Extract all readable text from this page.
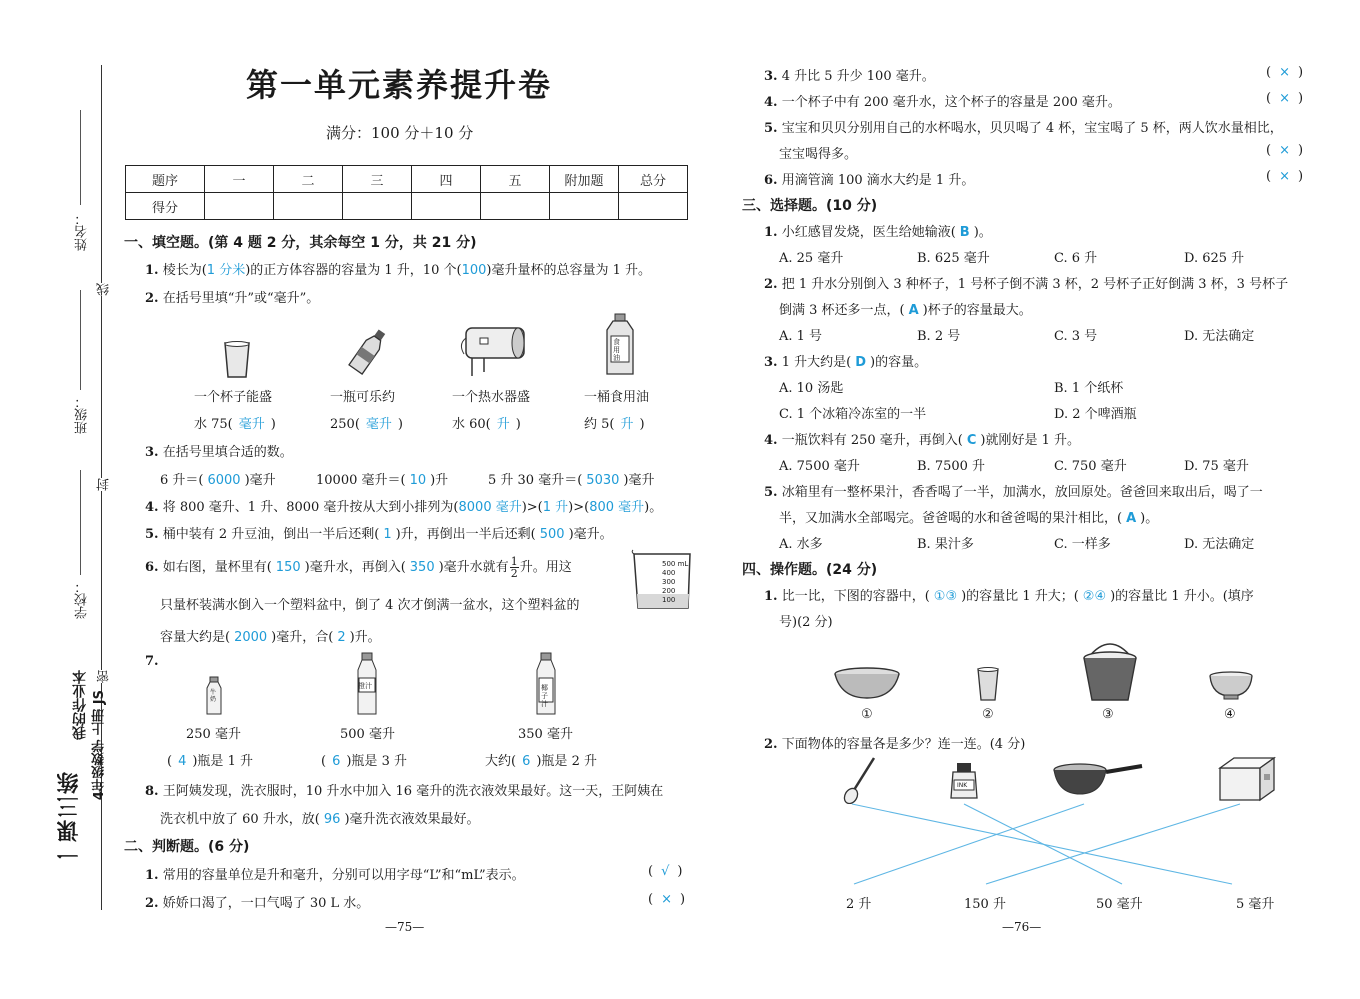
姓名：
线
班级：
封
学校：
密
4年级数学 上册 JS
我的作业本
一课三练
第一单元素养提升卷
满分：100 分＋10 分
题序	一	二	三	四	五	附加题	总分
得分							
一、填空题。(第 4 题 2 分，其余每空 1 分，共 21 分)
1. 棱长为(1 分米)的正方体容器的容量为 1 升，10 个(100)毫升量杯的总容量为 1 升。
2. 在括号里填“升”或“毫升”。
食用油
一个杯子能盛
水 75( 毫升 )
一瓶可乐约
250( 毫升 )
一个热水器盛
水 60( 升 )
一桶食用油
约 5( 升 )
3. 在括号里填合适的数。
6 升＝( 6000 )毫升	10000 毫升＝( 10 )升	5 升 30 毫升＝( 5030 )毫升
4. 将 800 毫升、1 升、8000 毫升按从大到小排列为(8000 毫升)>(1 升)>(800 毫升)。
5. 桶中装有 2 升豆油，倒出一半后还剩( 1 )升，再倒出一半后还剩( 500 )毫升。
6. 如右图，量杯里有( 150 )毫升水，再倒入( 350 )毫升水就有 $\frac{1}{2}$ 升。用这
只量杯装满水倒入一个塑料盆中，倒了 4 次才倒满一盆水，这个塑料盆的
容量大约是( 2000 )毫升，合( 2 )升。
500 mL
400
300
200
100
7.
牛奶
橙汁	椰子汁
250 毫升	500 毫升	350 毫升
( 4 )瓶是 1 升	( 6 )瓶是 3 升	大约( 6 )瓶是 2 升
8. 王阿姨发现，洗衣服时，10 升水中加入 16 毫升的洗衣液效果最好。这一天，王阿姨在
洗衣机中放了 60 升水，放( 96 )毫升洗衣液效果最好。
二、判断题。(6 分)
1. 常用的容量单位是升和毫升，分别可以用字母“L”和“mL”表示。	( √ )
2. 娇娇口渴了，一口气喝了 30 L 水。	( × )
—75—
3. 4 升比 5 升少 100 毫升。	( × )
4. 一个杯子中有 200 毫升水，这个杯子的容量是 200 毫升。	( × )
5. 宝宝和贝贝分别用自己的水杯喝水，贝贝喝了 4 杯，宝宝喝了 5 杯，两人饮水量相比，
宝宝喝得多。	( × )
6. 用滴管滴 100 滴水大约是 1 升。	( × )
三、选择题。(10 分)
1. 小红感冒发烧，医生给她输液( B )。
A. 25 毫升	B. 625 毫升	C. 6 升	D. 625 升
2. 把 1 升水分别倒入 3 种杯子，1 号杯子倒不满 3 杯，2 号杯子正好倒满 3 杯，3 号杯子
倒满 3 杯还多一点，( A )杯子的容量最大。
A. 1 号	B. 2 号	C. 3 号	D. 无法确定
3. 1 升大约是( D )的容量。
A. 10 汤匙	B. 1 个纸杯
C. 1 个冰箱冷冻室的一半	D. 2 个啤酒瓶
4. 一瓶饮料有 250 毫升，再倒入( C )就刚好是 1 升。
A. 7500 毫升	B. 7500 升	C. 750 毫升	D. 75 毫升
5. 冰箱里有一整杯果汁，香香喝了一半，加满水，放回原处。爸爸回来取出后，喝了一
半，又加满水全部喝完。爸爸喝的水和爸爸喝的果汁相比，( A )。
A. 水多	B. 果汁多	C. 一样多	D. 无法确定
四、操作题。(24 分)
1. 比一比，下图的容器中，( ①③ )的容量比 1 升大；( ②④ )的容量比 1 升小。(填序
号)(2 分)
①	②	③	④
2. 下面物体的容量各是多少？连一连。(4 分)
INK
2 升	150 升	50 毫升	5 毫升
—76—
